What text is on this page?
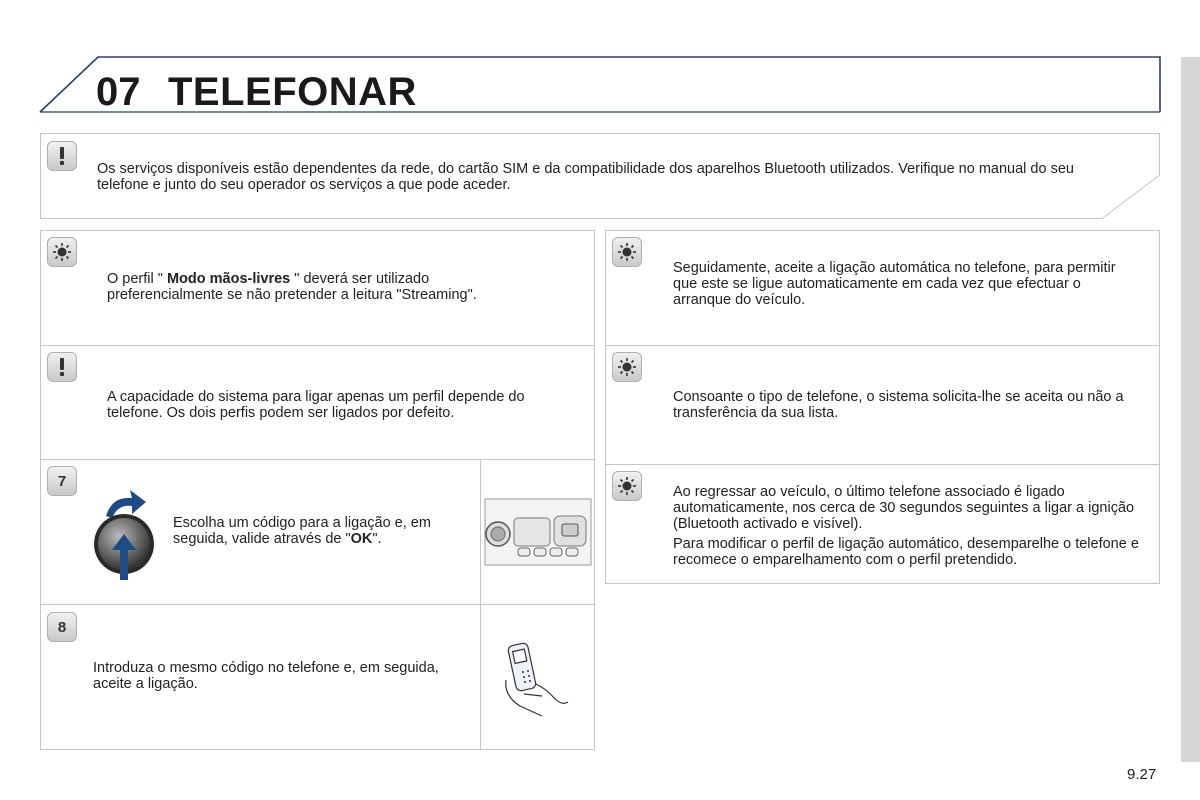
07 TELEFONAR
Os serviços disponíveis estão dependentes da rede, do cartão SIM e da compatibilidade dos aparelhos Bluetooth utilizados. Verifique no manual do seu telefone e junto do seu operador os serviços a que pode aceder.
O perfil " Modo mãos-livres " deverá ser utilizado preferencialmente se não pretender a leitura "Streaming".
A capacidade do sistema para ligar apenas um perfil depende do telefone. Os dois perfis podem ser ligados por defeito.
7
Escolha um código para a ligação e, em seguida, valide através de "OK".
8
Introduza o mesmo código no telefone e, em seguida, aceite a ligação.
Seguidamente, aceite a ligação automática no telefone, para permitir que este se ligue automaticamente em cada vez que efectuar o arranque do veículo.
Consoante o tipo de telefone, o sistema solicita-lhe se aceita ou não a transferência da sua lista.

Ao regressar ao veículo, o último telefone associado é ligado automaticamente, nos cerca de 30 segundos seguintes a ligar a ignição (Bluetooth activado e visível).

Para modificar o perfil de ligação automático, desemparelhe o telefone e recomece o emparelhamento com o perfil pretendido.

9.27
